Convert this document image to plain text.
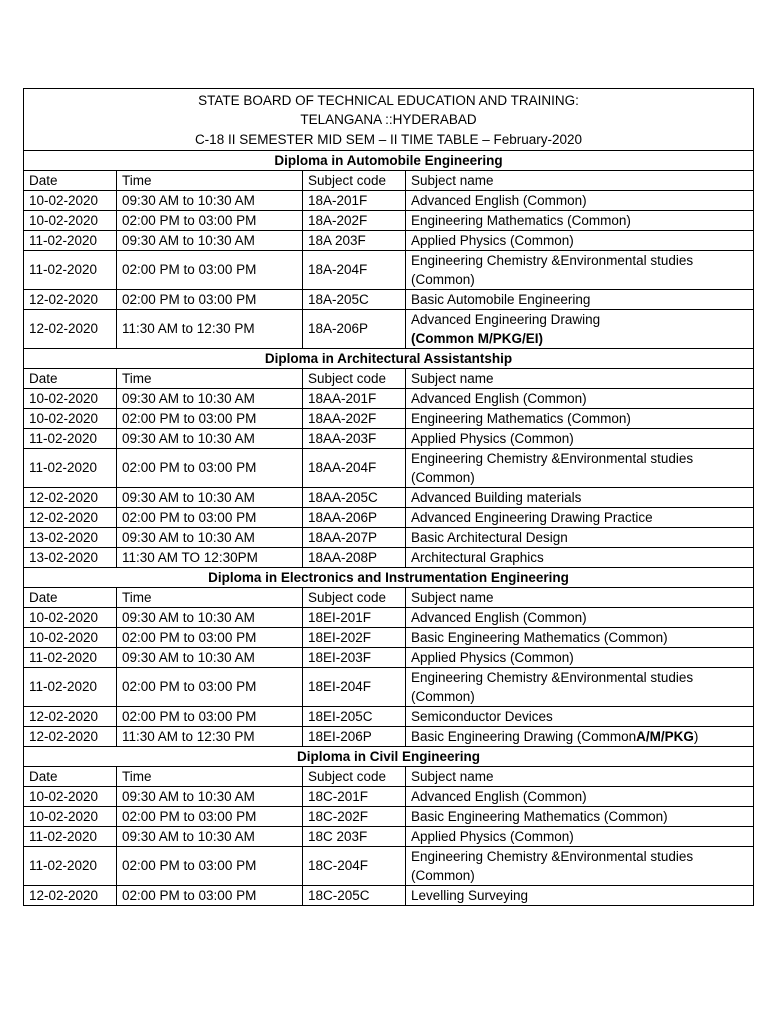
STATE BOARD OF TECHNICAL EDUCATION AND TRAINING:
TELANGANA ::HYDERABAD
C-18 II SEMESTER MID SEM – II TIME TABLE – February-2020			

Diploma in Automobile Engineering			
Date	Time	Subject code	Subject name
10-02-2020	09:30 AM to 10:30 AM	18A-201F	Advanced English (Common)
10-02-2020	02:00 PM to 03:00 PM	18A-202F	Engineering Mathematics (Common)
11-02-2020	09:30 AM to 10:30 AM	18A 203F	Applied Physics (Common)
11-02-2020	02:00 PM to 03:00 PM	18A-204F	Engineering Chemistry &Environmental studies (Common)
12-02-2020	02:00 PM to 03:00 PM	18A-205C	Basic Automobile Engineering
12-02-2020	11:30 AM to 12:30 PM	18A-206P	Advanced Engineering Drawing
(Common M/PKG/EI)
Diploma in Architectural Assistantship			
Date	Time	Subject code	Subject name
10-02-2020	09:30 AM to 10:30 AM	18AA-201F	Advanced English (Common)
10-02-2020	02:00 PM to 03:00 PM	18AA-202F	Engineering Mathematics (Common)
11-02-2020	09:30 AM to 10:30 AM	18AA-203F	Applied Physics (Common)
11-02-2020	02:00 PM to 03:00 PM	18AA-204F	Engineering Chemistry &Environmental studies (Common)
12-02-2020	09:30 AM to 10:30 AM	18AA-205C	Advanced Building materials
12-02-2020	02:00 PM to 03:00 PM	18AA-206P	Advanced Engineering Drawing Practice
13-02-2020	09:30 AM to 10:30 AM	18AA-207P	Basic Architectural Design
13-02-2020	11:30 AM TO 12:30PM	18AA-208P	Architectural Graphics
Diploma in Electronics and Instrumentation Engineering			
Date	Time	Subject code	Subject name
10-02-2020	09:30 AM to 10:30 AM	18EI-201F	Advanced English (Common)
10-02-2020	02:00 PM to 03:00 PM	18EI-202F	Basic Engineering Mathematics (Common)
11-02-2020	09:30 AM to 10:30 AM	18EI-203F	Applied Physics (Common)
11-02-2020	02:00 PM to 03:00 PM	18EI-204F	Engineering Chemistry &Environmental studies (Common)
12-02-2020	02:00 PM to 03:00 PM	18EI-205C	Semiconductor Devices
12-02-2020	11:30 AM to 12:30 PM	18EI-206P	Basic Engineering Drawing (CommonA/M/PKG)
Diploma in Civil Engineering			
Date	Time	Subject code	Subject name
10-02-2020	09:30 AM to 10:30 AM	18C-201F	Advanced English (Common)
10-02-2020	02:00 PM to 03:00 PM	18C-202F	Basic Engineering Mathematics (Common)
11-02-2020	09:30 AM to 10:30 AM	18C 203F	Applied Physics (Common)
11-02-2020	02:00 PM to 03:00 PM	18C-204F	Engineering Chemistry &Environmental studies (Common)
12-02-2020	02:00 PM to 03:00 PM	18C-205C	Levelling Surveying
